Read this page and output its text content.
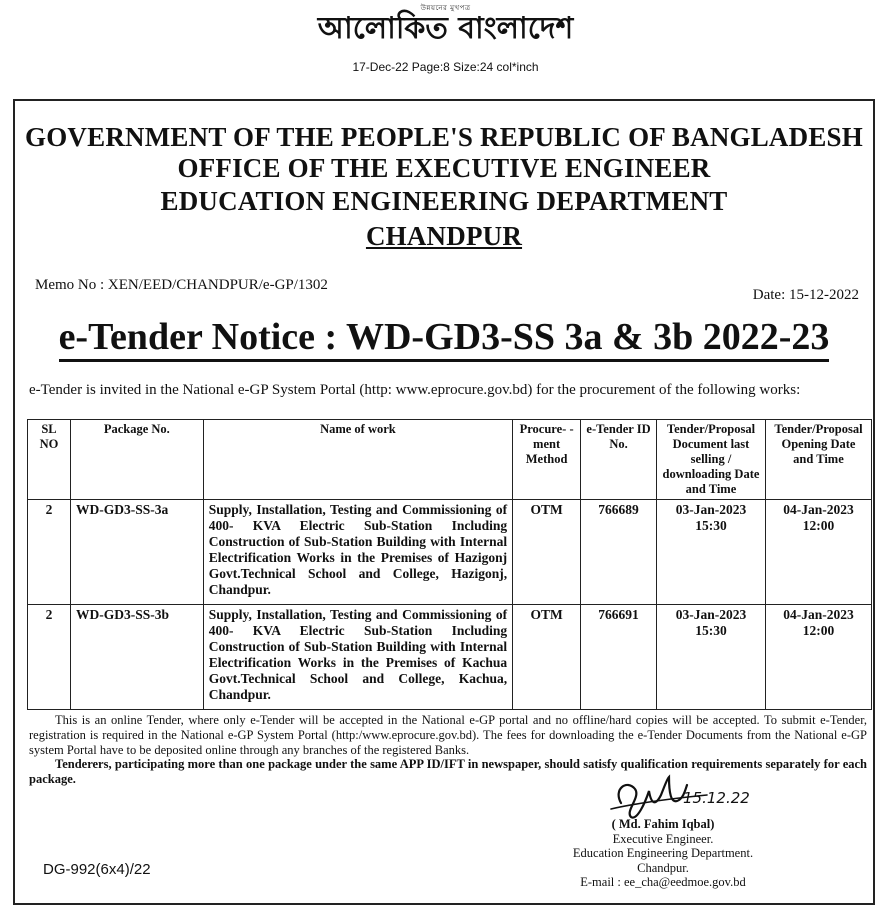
উন্নয়নের মুখপত্র
আলোকিত বাংলাদেশ
17-Dec-22 Page:8 Size:24 col*inch
GOVERNMENT OF THE PEOPLE'S REPUBLIC OF BANGLADESH
OFFICE OF THE EXECUTIVE ENGINEER
EDUCATION ENGINEERING DEPARTMENT
CHANDPUR
Memo No : XEN/EED/CHANDPUR/e-GP/1302
Date: 15-12-2022
e-Tender Notice : WD-GD3-SS 3a & 3b 2022-23
e-Tender is invited in the National e-GP System Portal (http: www.eprocure.gov.bd) for the procurement of the following works:
SL NO	Package No.	Name of work	Procure- -ment Method	e-Tender ID No.	Tender/Proposal Document last selling / downloading Date and Time	Tender/Proposal Opening Date and Time
2	WD-GD3-SS-3a	Supply, Installation, Testing and Commissioning of 400- KVA Electric Sub-Station Including Construction of Sub-Station Building with Internal Electrification Works in the Premises of Hazigonj Govt.Technical School and College, Hazigonj, Chandpur.	OTM	766689	03-Jan-2023 15:30	04-Jan-2023 12:00
2	WD-GD3-SS-3b	Supply, Installation, Testing and Commissioning of 400- KVA Electric Sub-Station Including Construction of Sub-Station Building with Internal Electrification Works in the Premises of Kachua Govt.Technical School and College, Kachua, Chandpur.	OTM	766691	03-Jan-2023 15:30	04-Jan-2023 12:00
This is an online Tender, where only e-Tender will be accepted in the National e-GP portal and no offline/hard copies will be accepted. To submit e-Tender, registration is required in the National e-GP System Portal (http:/www.eprocure.gov.bd). The fees for downloading the e-Tender Documents from the National e-GP system Portal have to be deposited online through any branches of the registered Banks.
Tenderers, participating more than one package under the same APP ID/IFT in newspaper, should satisfy qualification requirements separately for each package.
15.12.22
( Md. Fahim Iqbal)
Executive Engineer.
Education Engineering Department.
Chandpur.
E-mail : ee_cha@eedmoe.gov.bd
DG-992(6x4)/22
